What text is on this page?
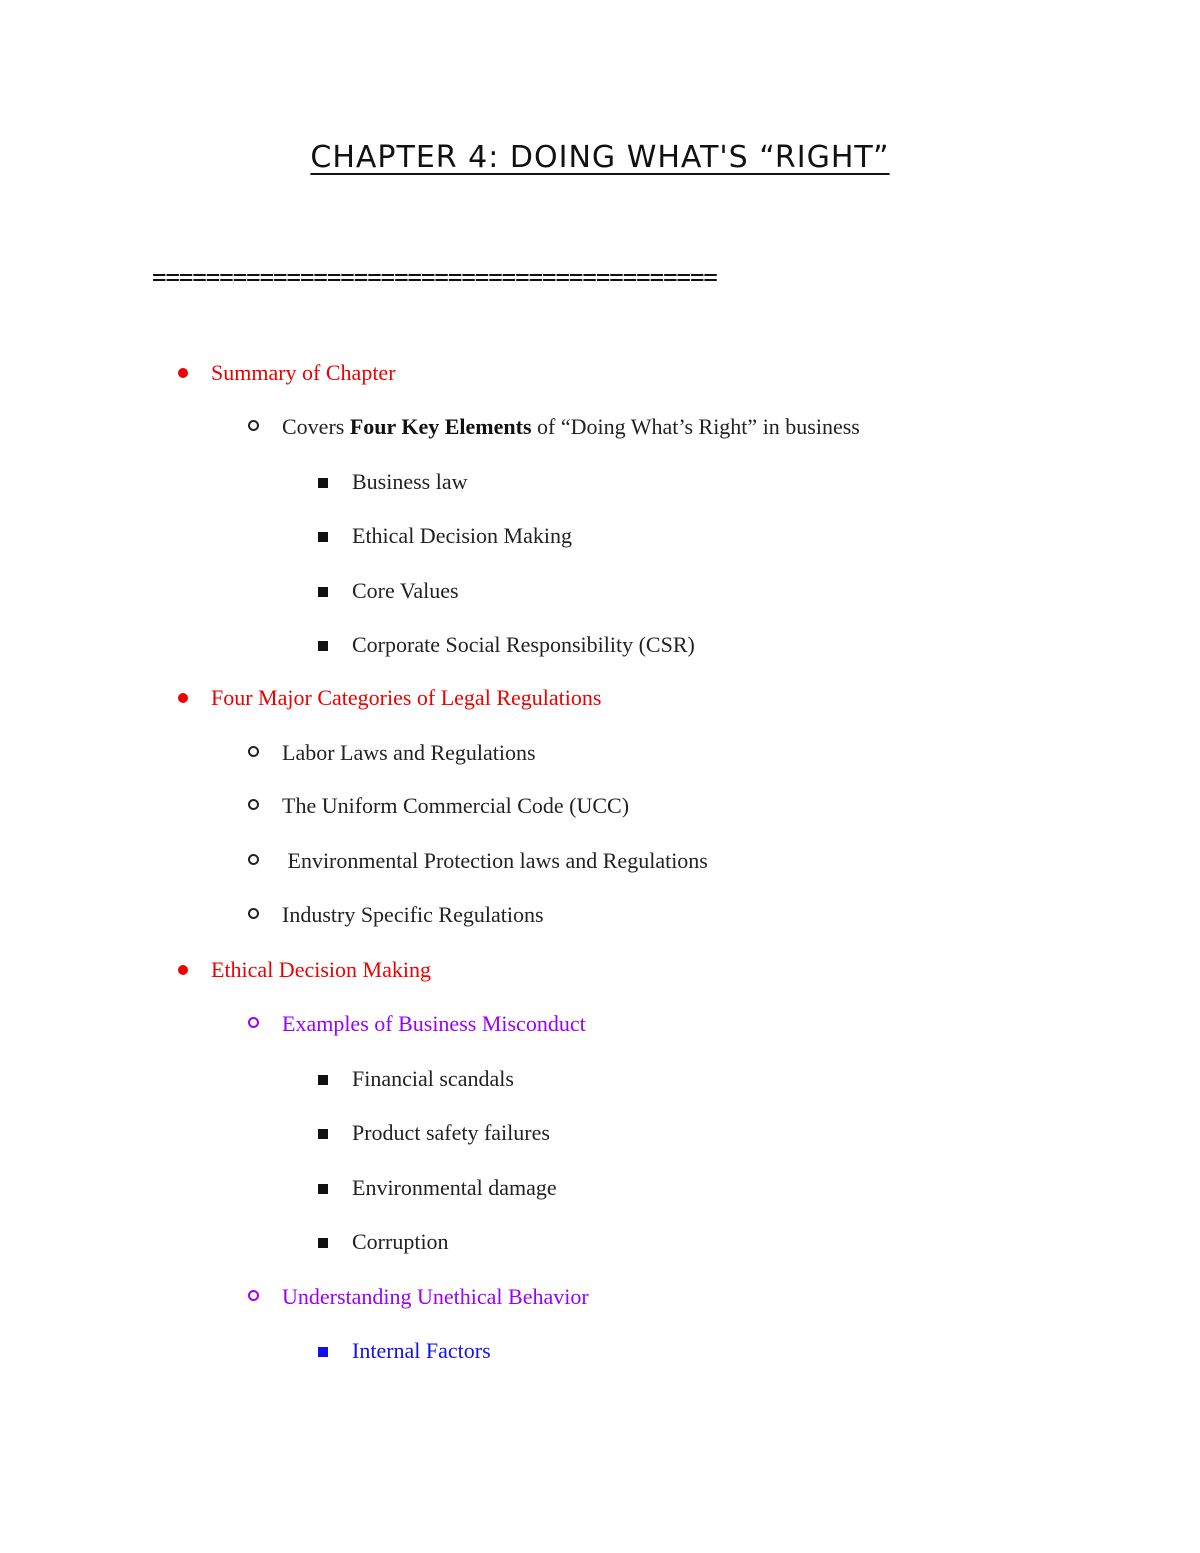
CHAPTER 4: DOING WHAT'S “RIGHT”
==========================================
Summary of Chapter
Covers Four Key Elements of “Doing What’s Right” in business
Business law
Ethical Decision Making
Core Values
Corporate Social Responsibility (CSR)
Four Major Categories of Legal Regulations
Labor Laws and Regulations
The Uniform Commercial Code (UCC)
Environmental Protection laws and Regulations
Industry Specific Regulations
Ethical Decision Making
Examples of Business Misconduct
Financial scandals
Product safety failures
Environmental damage
Corruption
Understanding Unethical Behavior
Internal Factors
